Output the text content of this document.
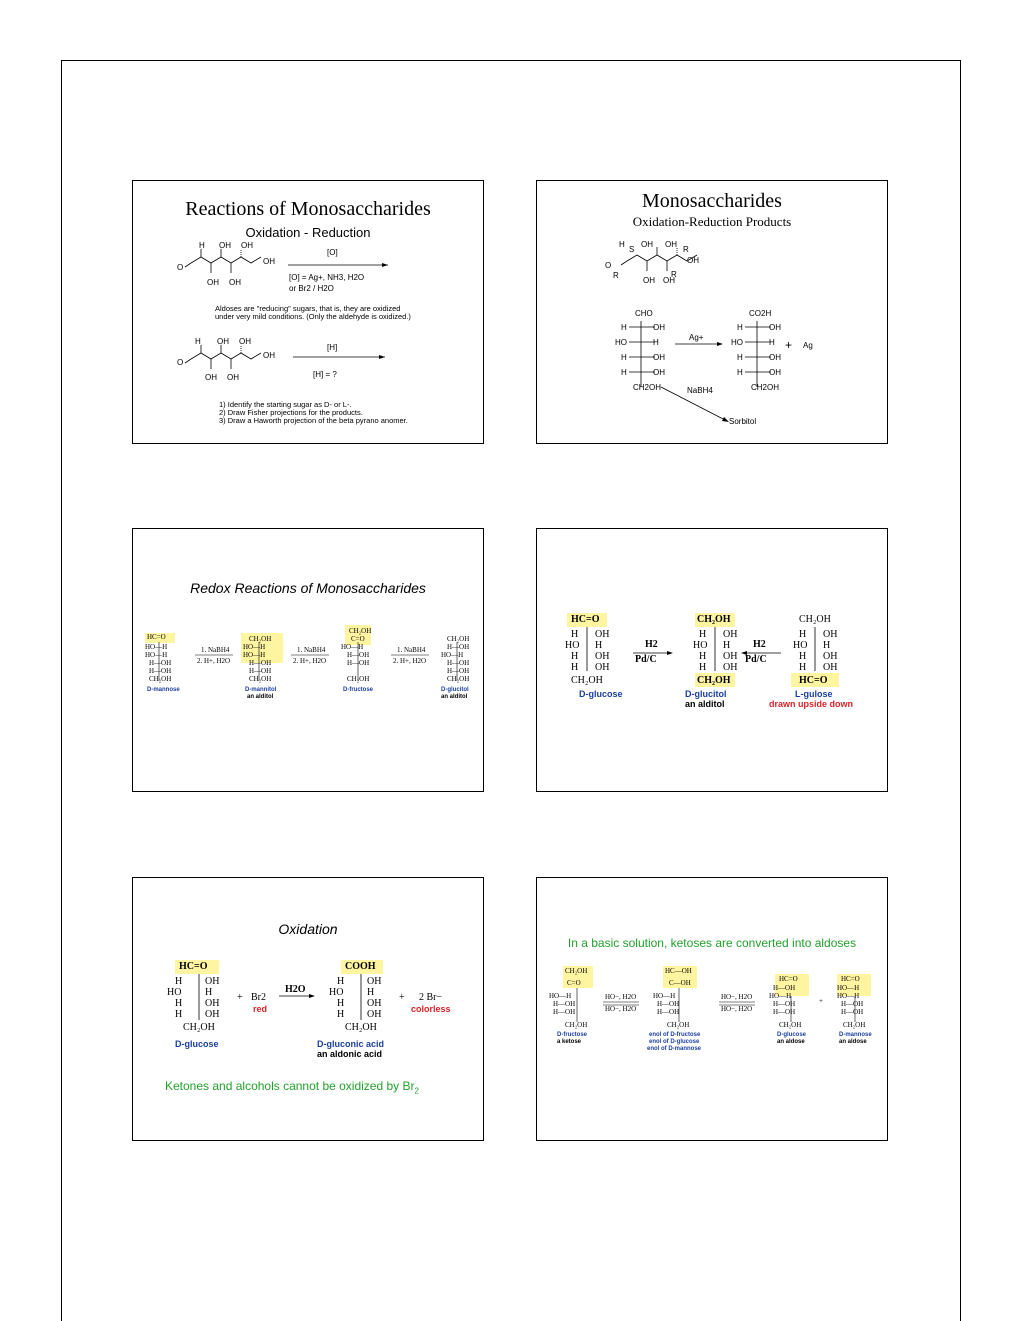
Reactions of Monosaccharides
Oxidation - Reduction
H OH OH
OH
O
OH OH
[O]
[O] = Ag+, NH3, H2O
or Br2 / H2O
Aldoses are "reducing" sugars, that is, they are oxidized
under very mild conditions. (Only the aldehyde is oxidized.)
H OH OH
OH
O
OH OH
[H]
[H] = ?
1) Identify the starting sugar as D- or L-.
2) Draw Fisher projections for the products.
3) Draw a Haworth projection of the beta pyrano anomer.
Monosaccharides
Oxidation-Reduction Products
H
S
OH OH
R
OH
O
R
R
OH OH
CHO
H	OH
HO	H
H	OH
H	OH
CH2OH
Ag+
CO2H
H	OH
HO	H
H	OH
H	OH
CH2OH
+ Ag
NaBH4
Sorbitol
Redox Reactions of Monosaccharides
HC=O
HO—H
HO—H
H—OH
H—OH
CH₂OH
1. NaBH4
2. H+, H2O
CH₂OH
HO—H
HO—H
H—OH
H—OH
CH₂OH
1. NaBH4
2. H+, H2O
CH₂OH
C=O
HO—H
H—OH
H—OH
CH₂OH
1. NaBH4
2. H+, H2O
CH₂OH
H—OH
HO—H
H—OH
H—OH
CH₂OH
D-mannose	D-mannitol
an alditol
D-fructose	D-glucitol
an alditol
HC=O
H OH
HO H
H OH
H OH
CH₂OH
H2
Pd/C
CH₂OH
H OH
HO H
H OH
H OH
CH₂OH
H2
Pd/C
CH₂OH
H OH
HO H
H OH
H OH
HC=O
D-glucose	D-glucitol
an alditol
L-gulose
drawn upside down
Oxidation
HC=O
H OH
HO H
H OH
H OH
CH₂OH
+ Br2
red
H2O
COOH
H OH
HO H
H OH
H OH
CH₂OH
+ 2 Br−
colorless
D-glucose	D-gluconic acid
an aldonic acid
Ketones and alcohols cannot be oxidized by $Br_2$
In a basic solution, ketoses are converted into aldoses
CH₂OH
C=O
HO—H
H—OH
H—OH
CH₂OH
HO−, H2O
HO−, H2O
HC—OH
C—OH
HO—H
H—OH
H—OH
CH₂OH
HO−, H2O
HO−, H2O
HC=O
H—OH
HO—H
H—OH
H—OH
CH₂OH
+
HC=O
HO—H
HO—H
H—OH
H—OH
CH₂OH
D-fructose
a ketose
enol of D-fructose
enol of D-glucose
enol of D-mannose
D-glucose
an aldose
D-mannose
an aldose
